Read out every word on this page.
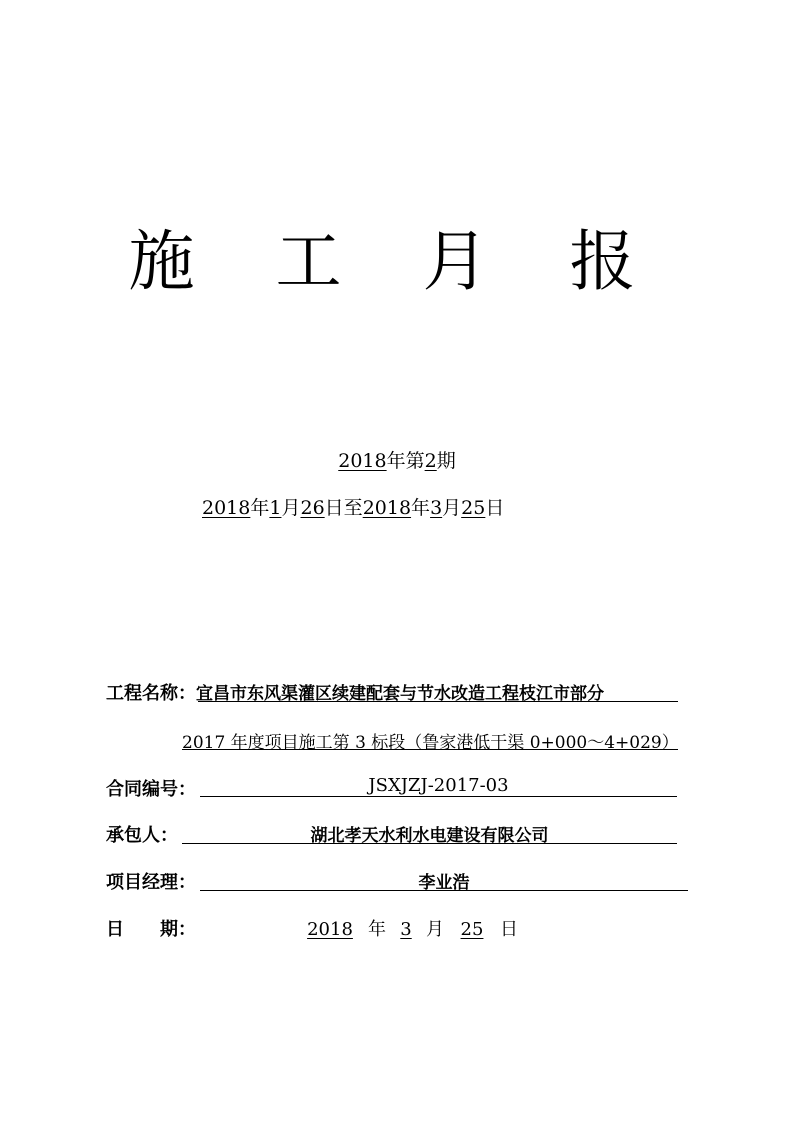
施 工 月 报
2018年第2期
2018年1月26日至2018年3月25日
工程名称：宜昌市东风渠灌区续建配套与节水改造工程枝江市部分
2017 年度项目施工第 3 标段（鲁家港低干渠 0+000～4+029）
合同编号：	JSXJZJ-2017-03
承包人：	湖北孝天水利水电建设有限公司
项目经理：	李业浩
日　　期：	2018 年 3 月 25 日
